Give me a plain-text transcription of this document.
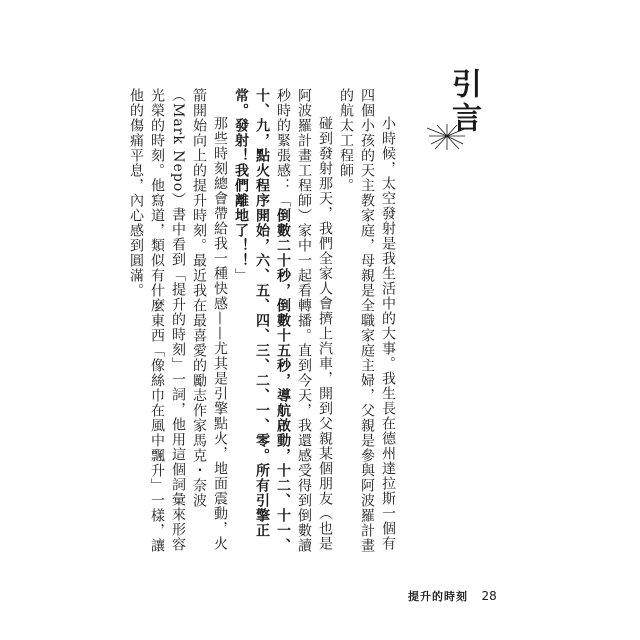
引言

小時候，太空發射是我生活中的大事。我生長在德州達拉斯一個有四個小孩的天主教家庭，母親是全職家庭主婦，父親是參與阿波羅計畫的航太工程師。

碰到發射那天，我們全家人會擠上汽車，開到父親某個朋友（也是阿波羅計畫工程師）家中一起看轉播。直到今天，我還感受得到倒數讀秒時的緊張感：「倒數二十秒，倒數十五秒，導航啟動，十二、十一、十、九，點火程序開始，六、五、四、三、二、一、零。所有引擎正常。發射！我們離地了！！」

那些時刻總會帶給我一種快感——尤其是引擎點火，地面震動，火箭開始向上的提升時刻。最近我在最喜愛的勵志作家馬克・奈波（Mark Nepo）書中看到「提升的時刻」一詞，他用這個詞彙來形容光榮的時刻。他寫道，類似有什麼東西「像絲巾在風中飄升」一樣，讓他的傷痛平息，內心感到圓滿。

提升的時刻 28
